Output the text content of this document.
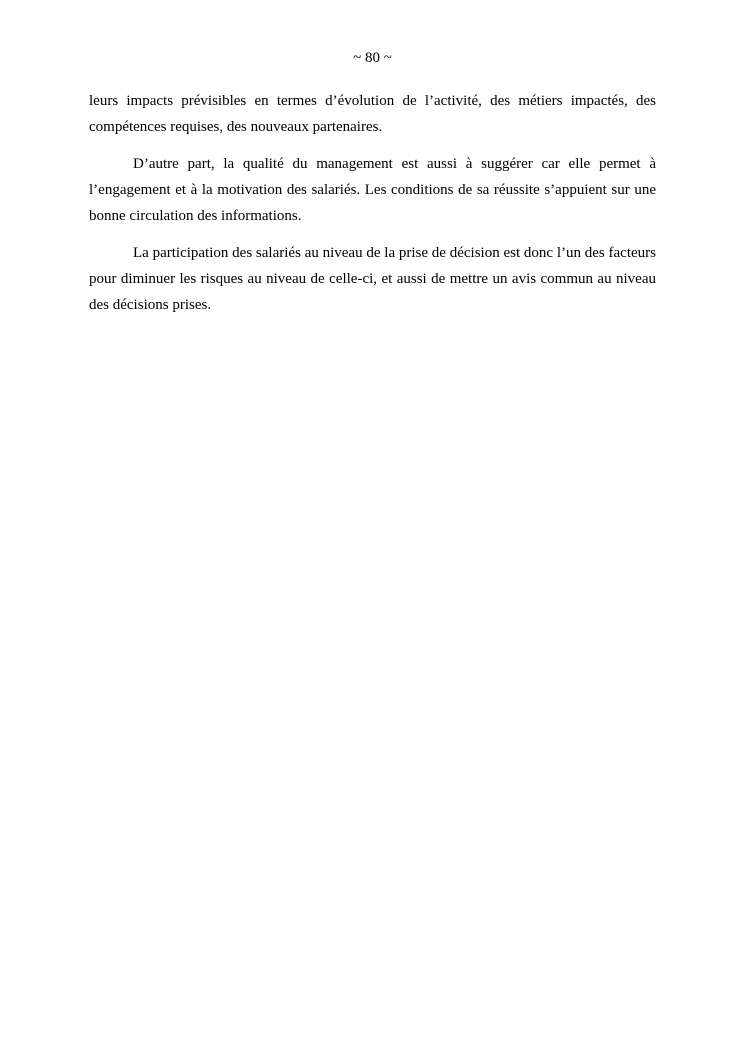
~ 80 ~

leurs impacts prévisibles en termes d’évolution de l’activité, des métiers impactés, des compétences requises, des nouveaux partenaires.

D’autre part, la qualité du management est aussi à suggérer car elle permet à l’engagement et à la motivation des salariés. Les conditions de sa réussite s’appuient sur une bonne circulation des informations.

La participation des salariés au niveau de la prise de décision est donc l’un des facteurs pour diminuer les risques au niveau de celle-ci, et aussi de mettre un avis commun au niveau des décisions prises.
